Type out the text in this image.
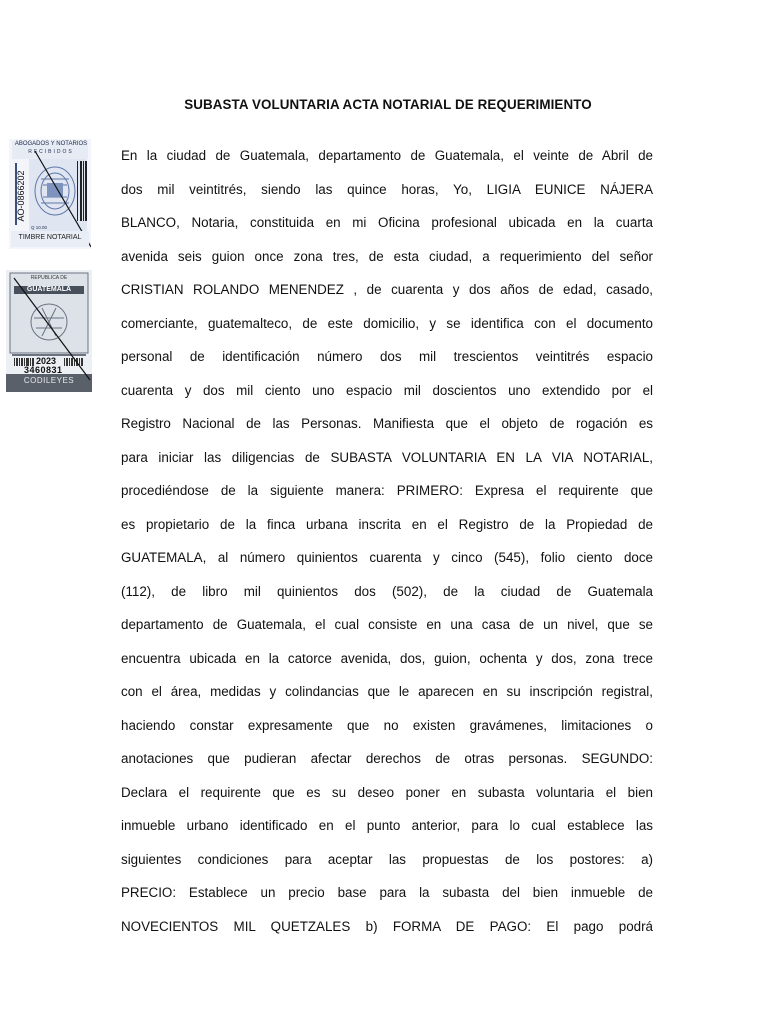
SUBASTA VOLUNTARIA ACTA NOTARIAL DE REQUERIMIENTO
ABOGADOS Y NOTARIOS
RECIBIDOS
AO-0866202
Q 10.00
TIMBRE NOTARIAL
REPUBLICA DE
GUATEMALA
2023
3460831
CODILEYES
En la ciudad de Guatemala, departamento de Guatemala, el veinte de Abril de
dos mil veintitrés, siendo las quince horas, Yo, LIGIA EUNICE NÁJERA
BLANCO, Notaria, constituida en mi Oficina profesional ubicada en la cuarta
avenida seis guion once zona tres, de esta ciudad, a requerimiento del señor
CRISTIAN ROLANDO MENENDEZ , de cuarenta y dos años de edad, casado,
comerciante, guatemalteco, de este domicilio, y se identifica con el documento
personal de identificación número dos mil trescientos veintitrés espacio
cuarenta y dos mil ciento uno espacio mil doscientos uno extendido por el
Registro Nacional de las Personas. Manifiesta que el objeto de rogación es
para iniciar las diligencias de SUBASTA VOLUNTARIA EN LA VIA NOTARIAL,
procediéndose de la siguiente manera: PRIMERO: Expresa el requirente que
es propietario de la finca urbana inscrita en el Registro de la Propiedad de
GUATEMALA, al número quinientos cuarenta y cinco (545), folio ciento doce
(112), de libro mil quinientos dos (502), de la ciudad de Guatemala
departamento de Guatemala, el cual consiste en una casa de un nivel, que se
encuentra ubicada en la catorce avenida, dos, guion, ochenta y dos, zona trece
con el área, medidas y colindancias que le aparecen en su inscripción registral,
haciendo constar expresamente que no existen gravámenes, limitaciones o
anotaciones que pudieran afectar derechos de otras personas. SEGUNDO:
Declara el requirente que es su deseo poner en subasta voluntaria el bien
inmueble urbano identificado en el punto anterior, para lo cual establece las
siguientes condiciones para aceptar las propuestas de los postores: a)
PRECIO: Establece un precio base para la subasta del bien inmueble de
NOVECIENTOS MIL QUETZALES b) FORMA DE PAGO: El pago podrá
